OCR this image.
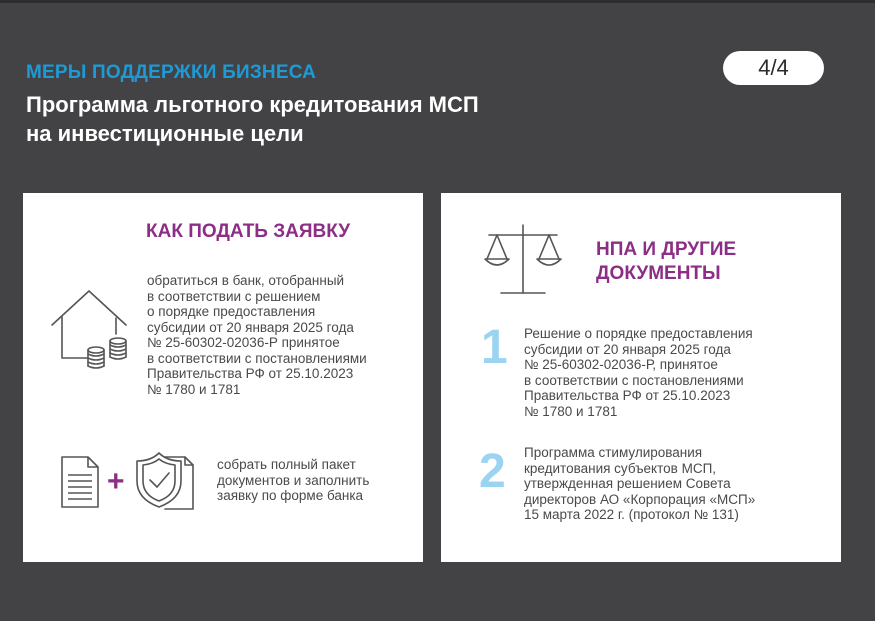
МЕРЫ ПОДДЕРЖКИ БИЗНЕСА
Программа льготного кредитования МСП
на инвестиционные цели
4/4
КАК ПОДАТЬ ЗАЯВКУ
обратиться в банк, отобранный
в соответствии с решением
о порядке предоставления
субсидии от 20 января 2025 года
№ 25-60302-02036-Р принятое
в соответствии с постановлениями
Правительства РФ от 25.10.2023
№ 1780 и 1781
+
собрать полный пакет
документов и заполнить
заявку по форме банка
НПА И ДРУГИЕ
ДОКУМЕНТЫ
1 Решение о порядке предоставления
субсидии от 20 января 2025 года
№ 25-60302-02036-Р, принятое
в соответствии с постановлениями
Правительства РФ от 25.10.2023
№ 1780 и 1781
2 Программа стимулирования
кредитования субъектов МСП,
утвержденная решением Совета
директоров АО «Корпорация «МСП»
15 марта 2022 г. (протокол № 131)
